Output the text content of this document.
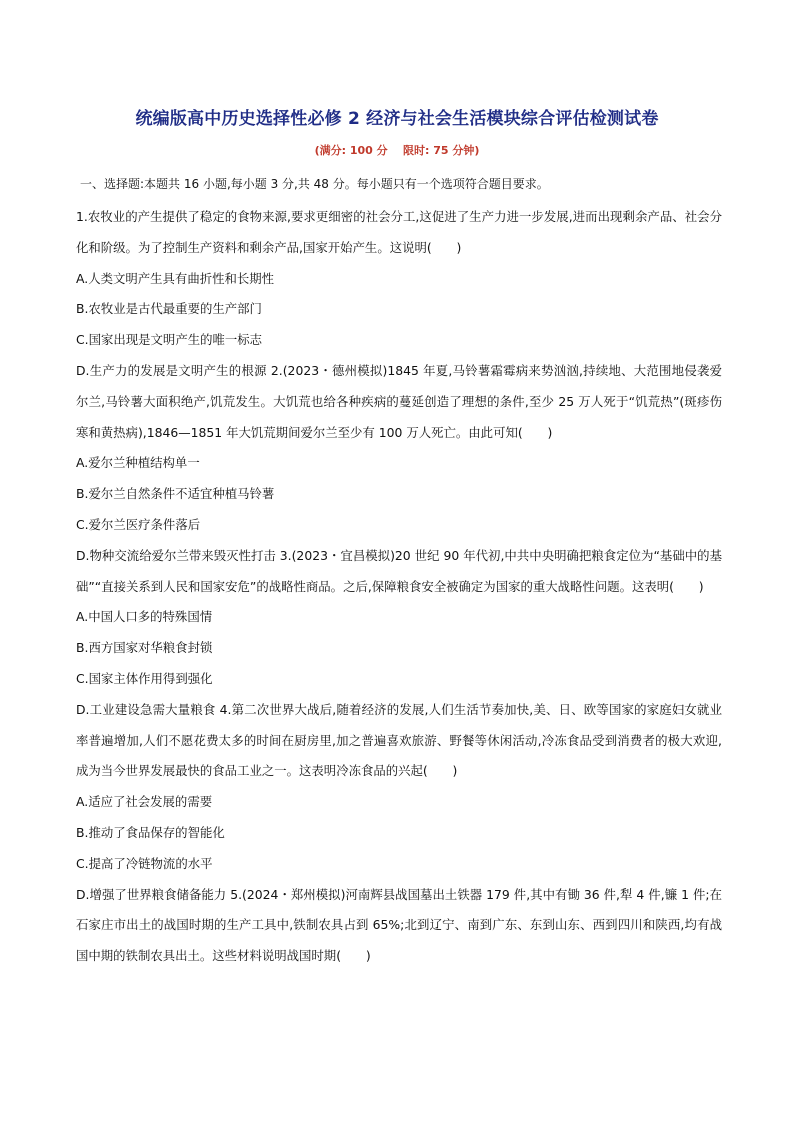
统编版高中历史选择性必修 2 经济与社会生活模块综合评估检测试卷
(满分: 100 分    限时: 75 分钟)
一、选择题:本题共 16 小题,每小题 3 分,共 48 分。每小题只有一个选项符合题目要求。

1.农牧业的产生提供了稳定的食物来源,要求更细密的社会分工,这促进了生产力进一步发展,进而出现剩余产品、社会分化和阶级。为了控制生产资料和剩余产品,国家开始产生。这说明(　　)

A.人类文明产生具有曲折性和长期性

B.农牧业是古代最重要的生产部门

C.国家出现是文明产生的唯一标志

D.生产力的发展是文明产生的根源 2.(2023・德州模拟)1845 年夏,马铃薯霜霉病来势汹汹,持续地、大范围地侵袭爱尔兰,马铃薯大面积绝产,饥荒发生。大饥荒也给各种疾病的蔓延创造了理想的条件,至少 25 万人死于“饥荒热”(斑疹伤寒和黄热病),1846—1851 年大饥荒期间爱尔兰至少有 100 万人死亡。由此可知(　　)

A.爱尔兰种植结构单一

B.爱尔兰自然条件不适宜种植马铃薯

C.爱尔兰医疗条件落后

D.物种交流给爱尔兰带来毁灭性打击 3.(2023・宜昌模拟)20 世纪 90 年代初,中共中央明确把粮食定位为“基础中的基础”“直接关系到人民和国家安危”的战略性商品。之后,保障粮食安全被确定为国家的重大战略性问题。这表明(　　)

A.中国人口多的特殊国情

B.西方国家对华粮食封锁

C.国家主体作用得到强化

D.工业建设急需大量粮食 4.第二次世界大战后,随着经济的发展,人们生活节奏加快,美、日、欧等国家的家庭妇女就业率普遍增加,人们不愿花费太多的时间在厨房里,加之普遍喜欢旅游、野餐等休闲活动,冷冻食品受到消费者的极大欢迎,成为当今世界发展最快的食品工业之一。这表明冷冻食品的兴起(　　)

A.适应了社会发展的需要

B.推动了食品保存的智能化

C.提高了冷链物流的水平

D.增强了世界粮食储备能力 5.(2024・郑州模拟)河南辉县战国墓出土铁器 179 件,其中有锄 36 件,犁 4 件,镰 1 件;在石家庄市出土的战国时期的生产工具中,铁制农具占到 65%;北到辽宁、南到广东、东到山东、西到四川和陕西,均有战国中期的铁制农具出土。这些材料说明战国时期(　　)
